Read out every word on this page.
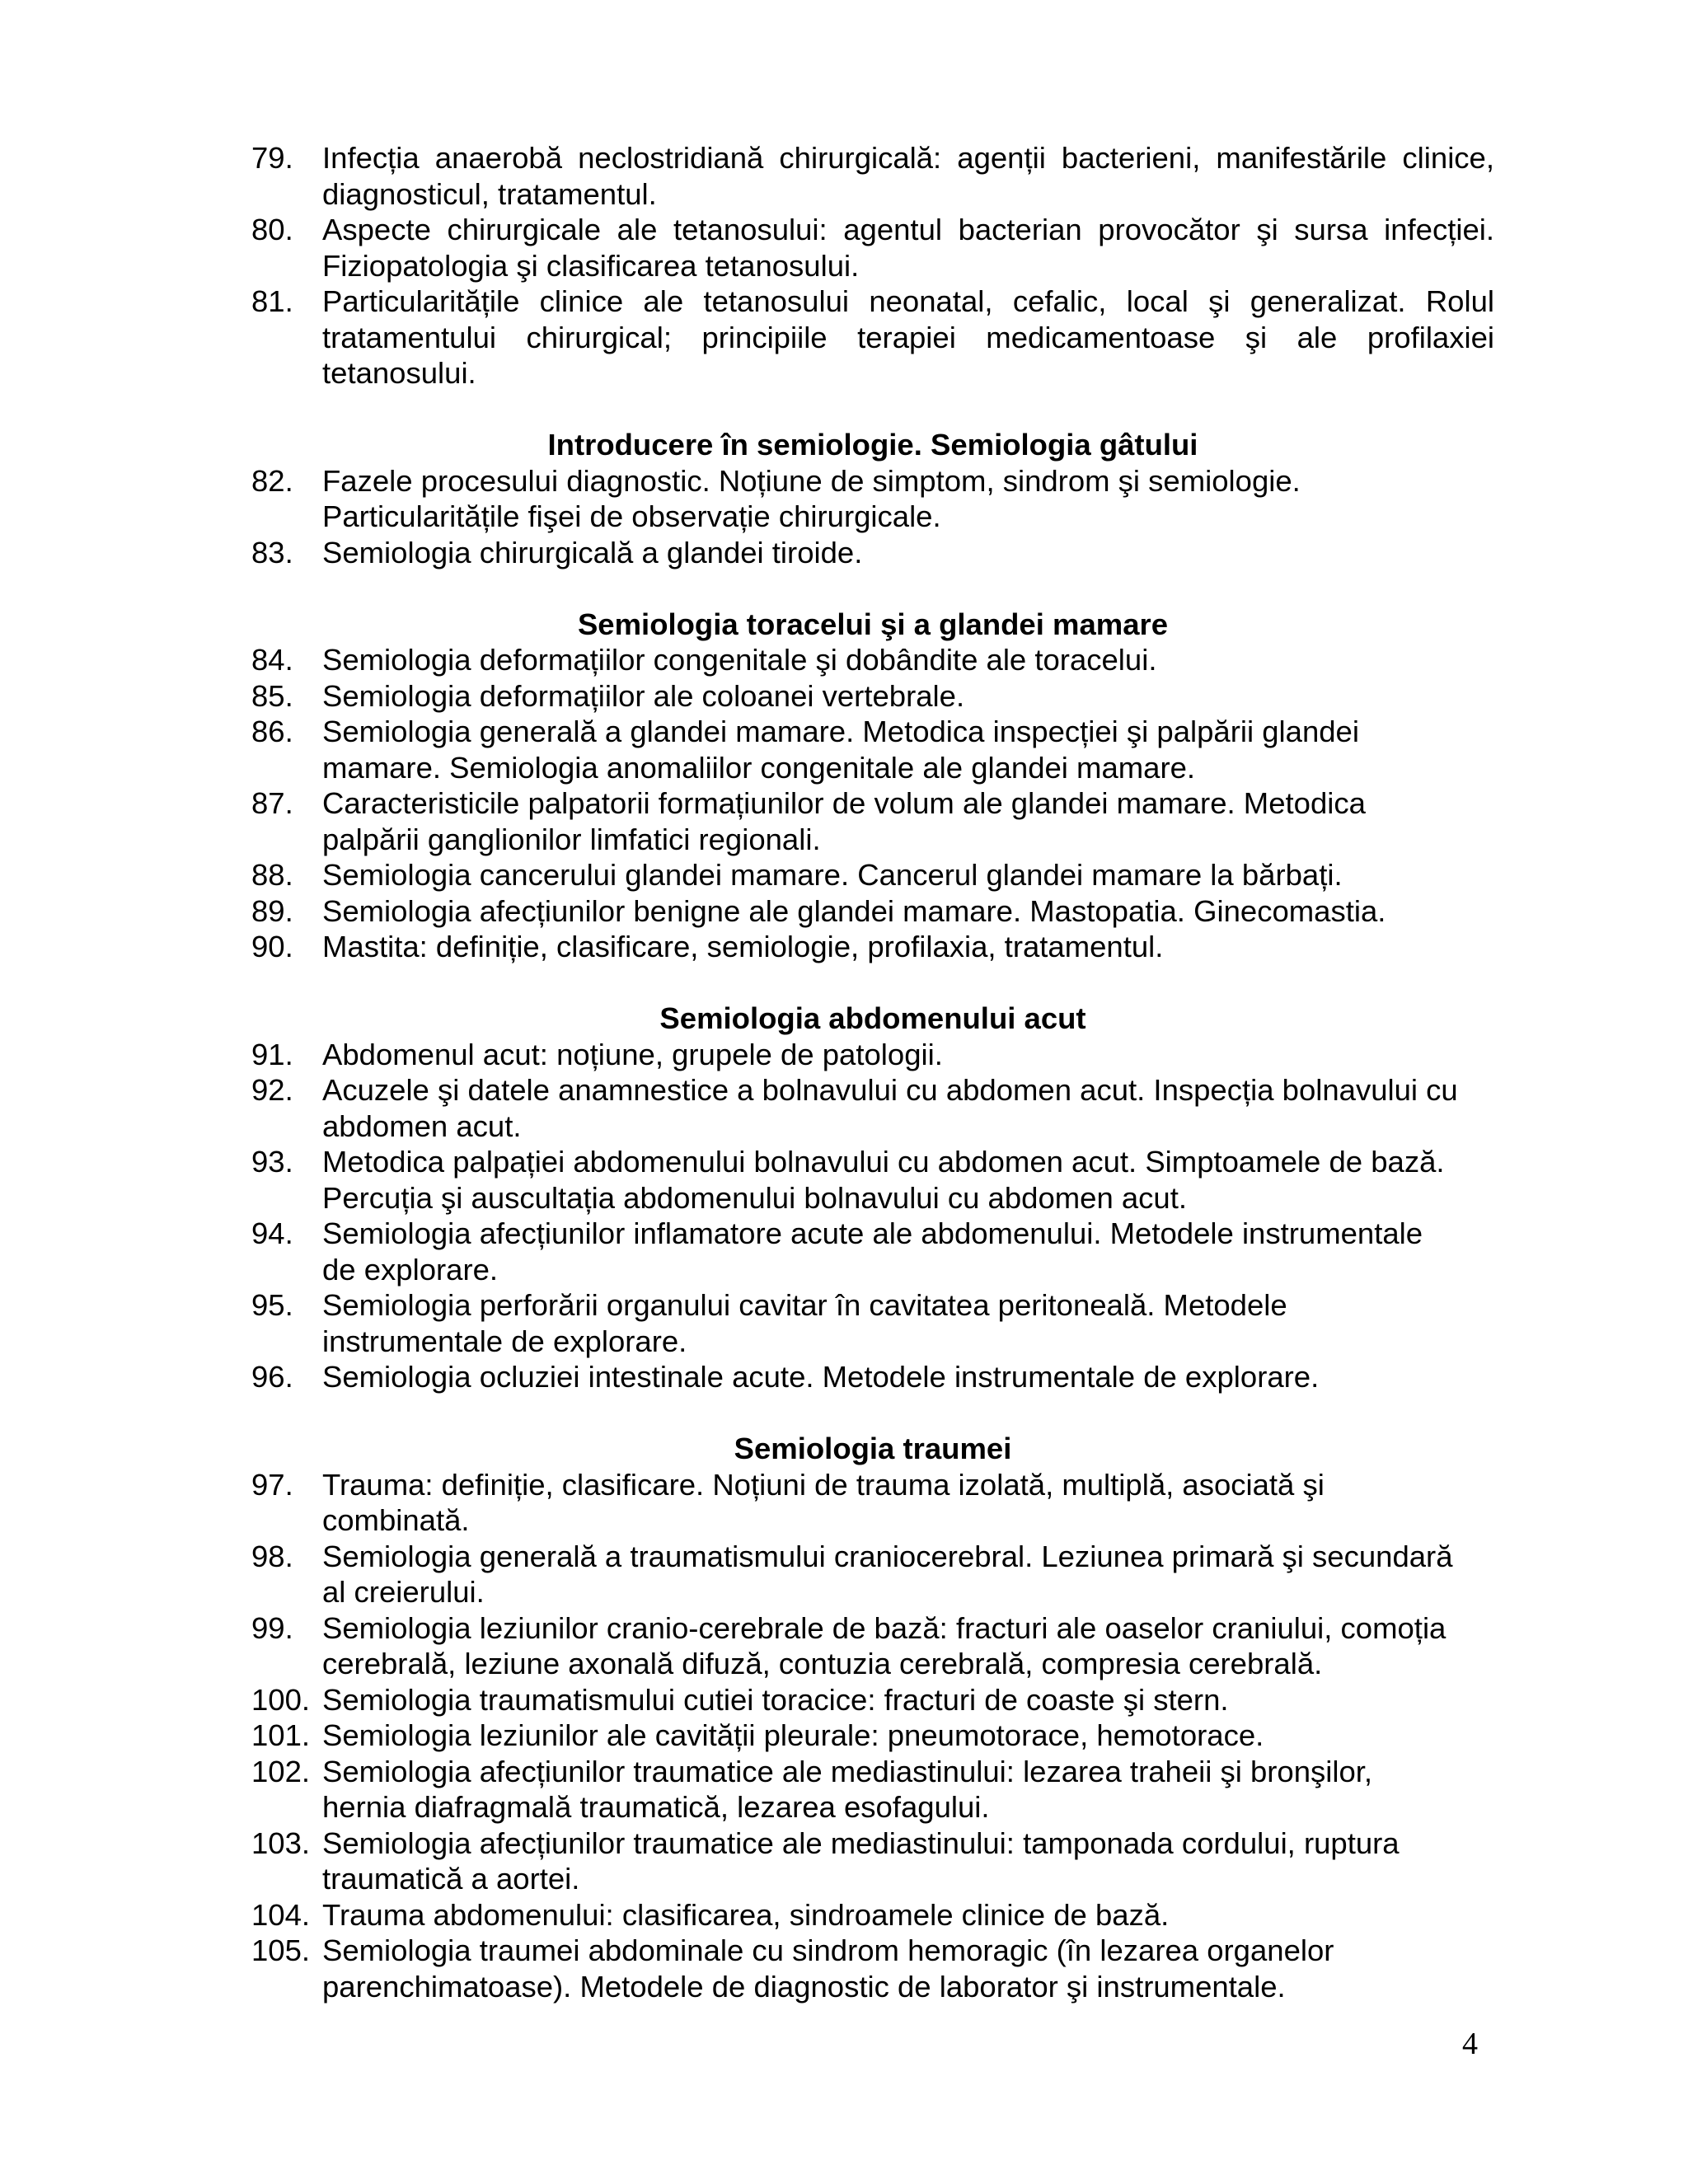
79. Infecția anaerobă neclostridiană chirurgicală: agenții bacterieni, manifestările clinice, diagnosticul, tratamentul.
80. Aspecte chirurgicale ale tetanosului: agentul bacterian provocător şi sursa infecției. Fiziopatologia şi clasificarea tetanosului.
81. Particularitățile clinice ale tetanosului neonatal, cefalic, local şi generalizat. Rolul tratamentului chirurgical; principiile terapiei medicamentoase şi ale profilaxiei tetanosului.
Introducere în semiologie. Semiologia gâtului
82. Fazele procesului diagnostic. Noțiune de simptom, sindrom şi semiologie.
Particularitățile fişei de observație chirurgicale.
83. Semiologia chirurgicală a glandei tiroide.
Semiologia toracelui şi a glandei mamare
84. Semiologia deformațiilor congenitale şi dobândite ale toracelui.
85. Semiologia deformațiilor ale coloanei vertebrale.
86. Semiologia generală a glandei mamare. Metodica inspecției şi palpării glandei
mamare. Semiologia anomaliilor congenitale ale glandei mamare.
87. Caracteristicile palpatorii formațiunilor de volum ale glandei mamare. Metodica
palpării ganglionilor limfatici regionali.
88. Semiologia cancerului glandei mamare. Cancerul glandei mamare la bărbați.
89. Semiologia afecțiunilor benigne ale glandei mamare. Mastopatia. Ginecomastia.
90. Mastita: definiție, clasificare, semiologie, profilaxia, tratamentul.
Semiologia abdomenului acut
91. Abdomenul acut: noțiune, grupele de patologii.
92. Acuzele şi datele anamnestice a bolnavului cu abdomen acut. Inspecția bolnavului cu
abdomen acut.
93. Metodica palpației abdomenului bolnavului cu abdomen acut. Simptoamele de bază.
Percuția şi auscultația abdomenului bolnavului cu abdomen acut.
94. Semiologia afecțiunilor inflamatore acute ale abdomenului. Metodele instrumentale
de explorare.
95. Semiologia perforării organului cavitar în cavitatea peritoneală. Metodele
instrumentale de explorare.
96. Semiologia ocluziei intestinale acute. Metodele instrumentale de explorare.
Semiologia traumei
97. Trauma: definiție, clasificare. Noțiuni de trauma izolată, multiplă, asociată şi
combinată.
98. Semiologia generală a traumatismului craniocerebral. Leziunea primară şi secundară
al creierului.
99. Semiologia leziunilor cranio-cerebrale de bază: fracturi ale oaselor craniului, comoția
cerebrală, leziune axonală difuză, contuzia cerebrală, compresia cerebrală.
100. Semiologia traumatismului cutiei toracice: fracturi de coaste şi stern.
101. Semiologia leziunilor ale cavității pleurale: pneumotorace, hemotorace.
102. Semiologia afecțiunilor traumatice ale mediastinului: lezarea traheii şi bronşilor,
hernia diafragmală traumatică, lezarea esofagului.
103. Semiologia afecțiunilor traumatice ale mediastinului: tamponada cordului, ruptura
traumatică a aortei.
104. Trauma abdomenului: clasificarea, sindroamele clinice de bază.
105. Semiologia traumei abdominale cu sindrom hemoragic (în lezarea organelor
parenchimatoase). Metodele de diagnostic de laborator şi instrumentale.
4
